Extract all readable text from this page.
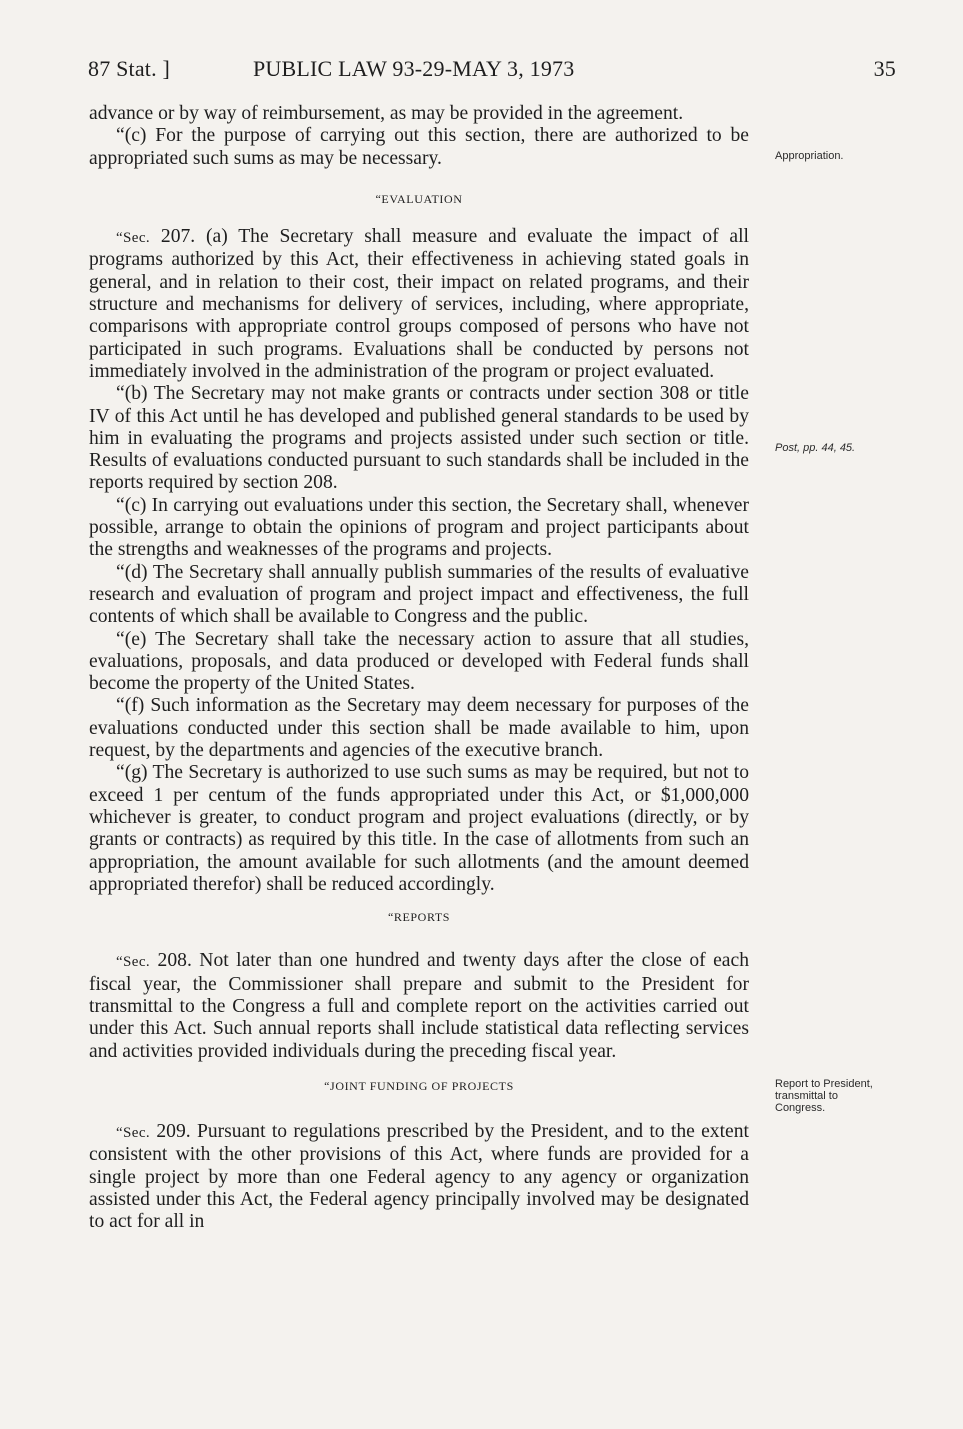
87 Stat. ]	PUBLIC LAW 93-29-MAY 3, 1973	35

advance or by way of reimbursement, as may be provided in the agreement.

“(c) For the purpose of carrying out this section, there are authorized to be appropriated such sums as may be necessary.

“EVALUATION

“Sec. 207. (a) The Secretary shall measure and evaluate the impact of all programs authorized by this Act, their effectiveness in achieving stated goals in general, and in relation to their cost, their impact on related programs, and their structure and mechanisms for delivery of services, including, where appropriate, comparisons with appropriate control groups composed of persons who have not participated in such programs. Evaluations shall be conducted by persons not immediately involved in the administration of the program or project evaluated.

“(b) The Secretary may not make grants or contracts under section 308 or title IV of this Act until he has developed and published general standards to be used by him in evaluating the programs and projects assisted under such section or title. Results of evaluations conducted pursuant to such standards shall be included in the reports required by section 208.

“(c) In carrying out evaluations under this section, the Secretary shall, whenever possible, arrange to obtain the opinions of program and project participants about the strengths and weaknesses of the programs and projects.

“(d) The Secretary shall annually publish summaries of the results of evaluative research and evaluation of program and project impact and effectiveness, the full contents of which shall be available to Congress and the public.

“(e) The Secretary shall take the necessary action to assure that all studies, evaluations, proposals, and data produced or developed with Federal funds shall become the property of the United States.

“(f) Such information as the Secretary may deem necessary for purposes of the evaluations conducted under this section shall be made available to him, upon request, by the departments and agencies of the executive branch.

“(g) The Secretary is authorized to use such sums as may be required, but not to exceed 1 per centum of the funds appropriated under this Act, or $1,000,000 whichever is greater, to conduct program and project evaluations (directly, or by grants or contracts) as required by this title. In the case of allotments from such an appropriation, the amount available for such allotments (and the amount deemed appropriated therefor) shall be reduced accordingly.

“REPORTS

“Sec. 208. Not later than one hundred and twenty days after the close of each fiscal year, the Commissioner shall prepare and submit to the President for transmittal to the Congress a full and complete report on the activities carried out under this Act. Such annual reports shall include statistical data reflecting services and activities provided individuals during the preceding fiscal year.

“JOINT FUNDING OF PROJECTS

“Sec. 209. Pursuant to regulations prescribed by the President, and to the extent consistent with the other provisions of this Act, where funds are provided for a single project by more than one Federal agency to any agency or organization assisted under this Act, the Federal agency principally involved may be designated to act for all in

Appropriation.
Post, pp. 44, 45.
Report to President, transmittal to Congress.
